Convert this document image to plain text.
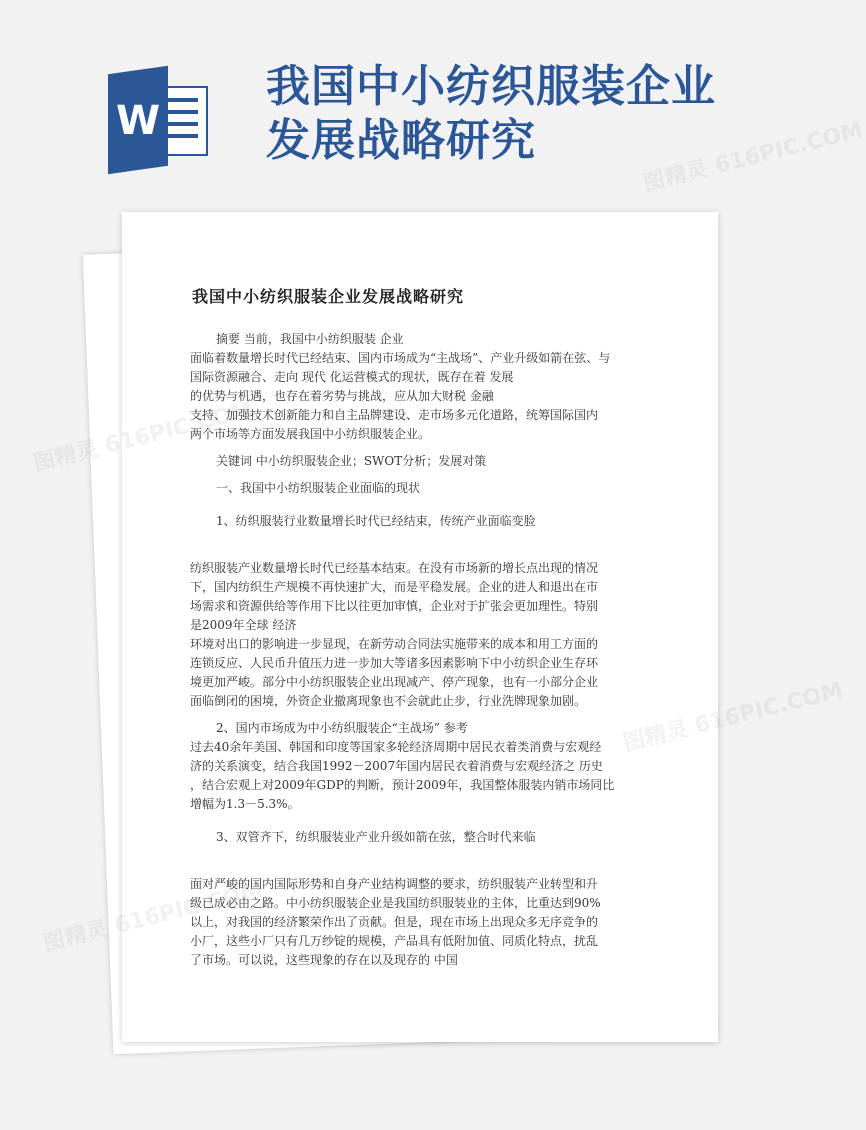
W
我国中小纺织服装企业
发展战略研究
我国中小纺织服装企业发展战略研究

摘要 当前，我国中小纺织服装 企业

面临着数量增长时代已经结束、国内市场成为“主战场”、产业升级如箭在弦、与

国际资源融合、走向 现代 化运营模式的现状，既存在着 发展

的优势与机遇，也存在着劣势与挑战，应从加大财税 金融

支持、加强技术创新能力和自主品牌建设、走市场多元化道路，统筹国际国内

两个市场等方面发展我国中小纺织服装企业。

关键词 中小纺织服装企业；SWOT分析；发展对策

一、我国中小纺织服装企业面临的现状

1、纺织服装行业数量增长时代已经结束，传统产业面临变脸

纺织服装产业数量增长时代已经基本结束。在没有市场新的增长点出现的情况

下，国内纺织生产规模不再快速扩大，而是平稳发展。企业的进人和退出在市

场需求和资源供给等作用下比以往更加审慎，企业对于扩张会更加理性。特别

是2009年全球 经济

环境对出口的影响进一步显现，在新劳动合同法实施带来的成本和用工方面的

连锁反应、人民币升值压力进一步加大等诸多因素影响下中小纺织企业生存环

境更加严峻。部分中小纺织服装企业出现减产、停产现象，也有一小部分企业

面临倒闭的困境，外资企业撤离现象也不会就此止步，行业洗牌现象加剧。

2、国内市场成为中小纺织服装企“主战场” 参考

过去40余年美国、韩国和印度等国家多轮经济周期中居民衣着类消费与宏观经

济的关系演变，结合我国1992－2007年国内居民衣着消费与宏观经济之 历史

，结合宏观上对2009年GDP的判断，预计2009年，我国整体服装内销市场同比

增幅为1.3－5.3%。

3、双管齐下，纺织服装业产业升级如箭在弦，整合时代来临

面对严峻的国内国际形势和自身产业结构调整的要求，纺织服装产业转型和升

级已成必由之路。中小纺织服装企业是我国纺织服装业的主体，比重达到90%

以上，对我国的经济繁荣作出了贡献。但是，现在市场上出现众多无序竞争的

小厂，这些小厂只有几万纱锭的规模，产品具有低附加值、同质化特点，扰乱

了市场。可以说，这些现象的存在以及现存的 中国

图精灵 616PIC.COM
图精灵
图精灵 616PIC.COM
图精灵
